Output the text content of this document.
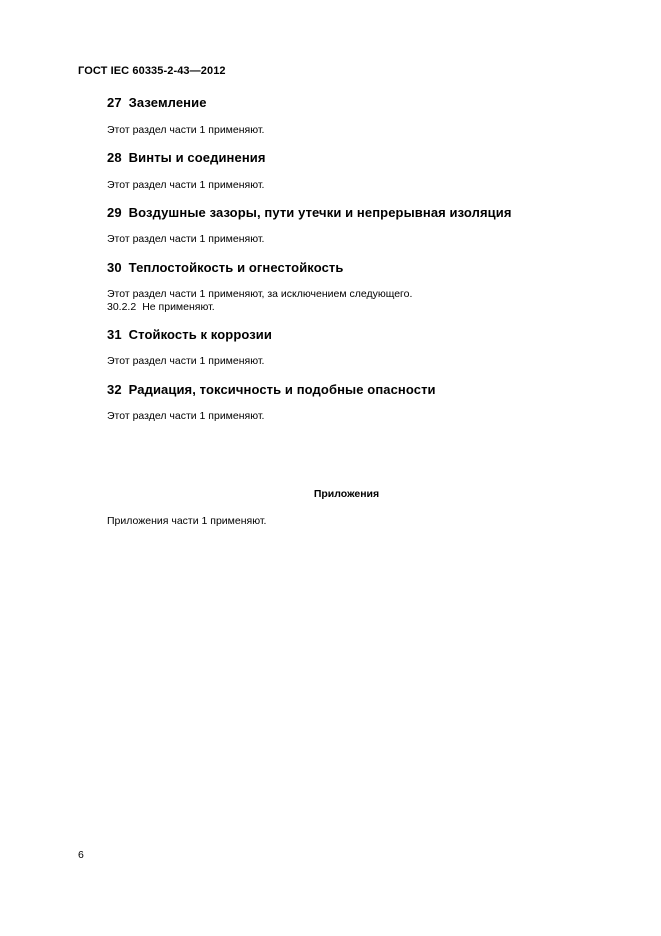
ГОСТ IEC 60335-2-43—2012
27 Заземление
Этот раздел части 1 применяют.
28 Винты и соединения
Этот раздел части 1 применяют.
29 Воздушные зазоры, пути утечки и непрерывная изоляция
Этот раздел части 1 применяют.
30 Теплостойкость и огнестойкость
Этот раздел части 1 применяют, за исключением следующего.
30.2.2 Не применяют.
31 Стойкость к коррозии
Этот раздел части 1 применяют.
32 Радиация, токсичность и подобные опасности
Этот раздел части 1 применяют.
Приложения
Приложения части 1 применяют.
6
